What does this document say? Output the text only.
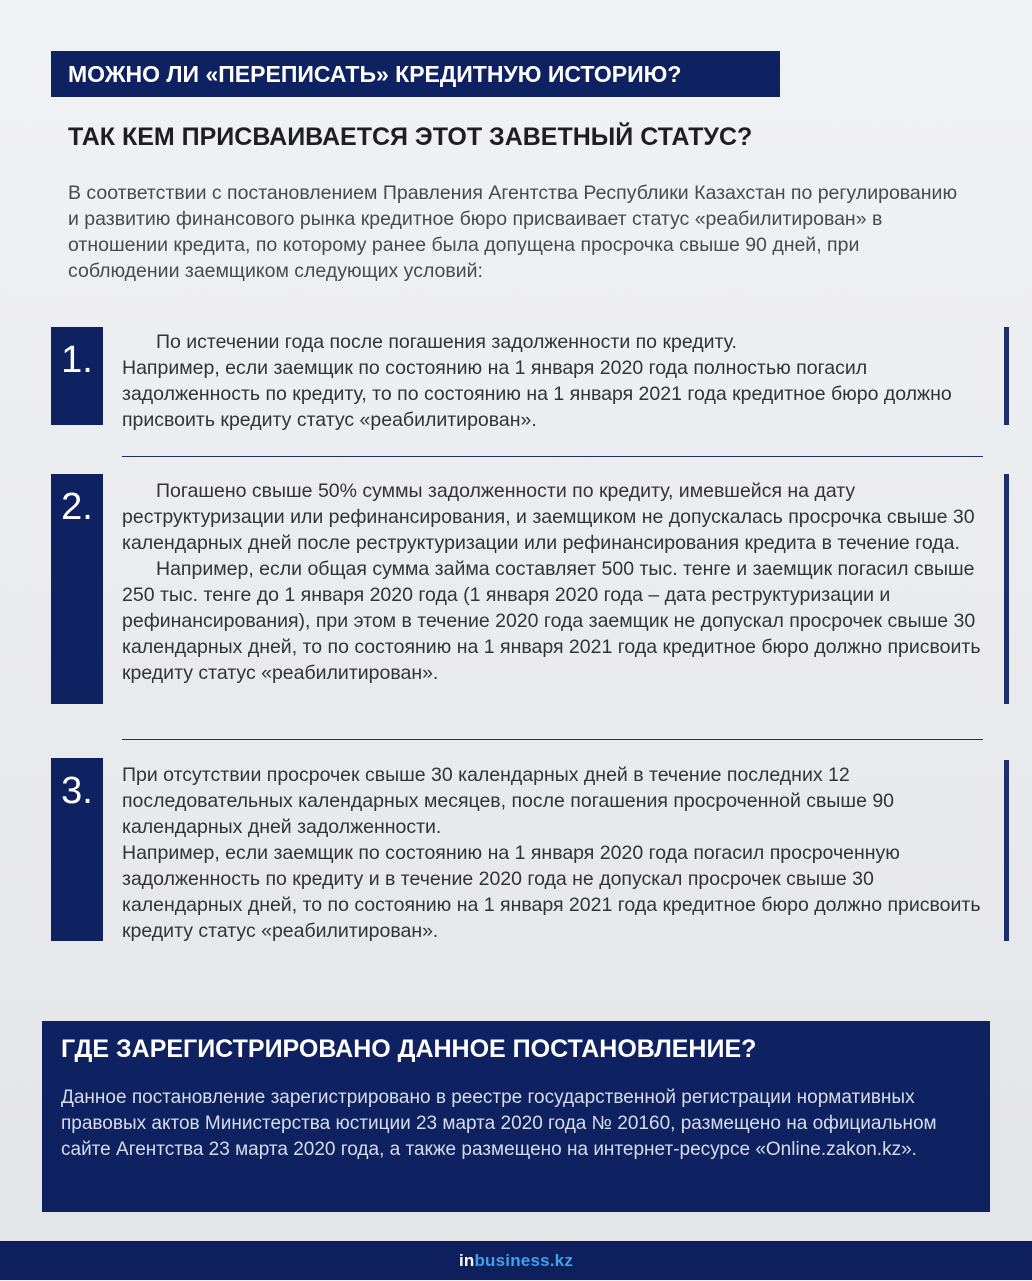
МОЖНО ЛИ «ПЕРЕПИСАТЬ» КРЕДИТНУЮ ИСТОРИЮ?
ТАК КЕМ ПРИСВАИВАЕТСЯ ЭТОТ ЗАВЕТНЫЙ СТАТУС?

В соответствии с постановлением Правления Агентства Республики Казахстан по регулированию и развитию финансового рынка кредитное бюро присваивает статус «реабилитирован» в отношении кредита, по которому ранее была допущена просрочка свыше 90 дней, при соблюдении заемщиком следующих условий:

1.	По истечении года после погашения задолженности по кредиту.

Например, если заемщик по состоянию на 1 января 2020 года полностью погасил задолженность по кредиту, то по состоянию на 1 января 2021 года кредитное бюро должно присвоить кредиту статус «реабилитирован».

2.	Погашено свыше 50% суммы задолженности по кредиту, имевшейся на дату реструктуризации или рефинансирования, и заемщиком не допускалась просрочка свыше 30 календарных дней после реструктуризации или рефинансирования кредита в течение года.

Например, если общая сумма займа составляет 500 тыс. тенге и заемщик погасил свыше 250 тыс. тенге до 1 января 2020 года (1 января 2020 года – дата реструктуризации и рефинансирования), при этом в течение 2020 года заемщик не допускал просрочек свыше 30 календарных дней, то по состоянию на 1 января 2021 года кредитное бюро должно присвоить кредиту статус «реабилитирован».

3.	При отсутствии просрочек свыше 30 календарных дней в течение последних 12 последовательных календарных месяцев, после погашения просроченной свыше 90 календарных дней задолженности.

Например, если заемщик по состоянию на 1 января 2020 года погасил просроченную задолженность по кредиту и в течение 2020 года не допускал просрочек свыше 30 календарных дней, то по состоянию на 1 января 2021 года кредитное бюро должно присвоить кредиту статус «реабилитирован».

ГДЕ ЗАРЕГИСТРИРОВАНО ДАННОЕ ПОСТАНОВЛЕНИЕ?

Данное постановление зарегистрировано в реестре государственной регистрации нормативных правовых актов Министерства юстиции 23 марта 2020 года № 20160, размещено на официальном сайте Агентства 23 марта 2020 года, а также размещено на интернет-ресурсе «Online.zakon.kz».

inbusiness.kz
